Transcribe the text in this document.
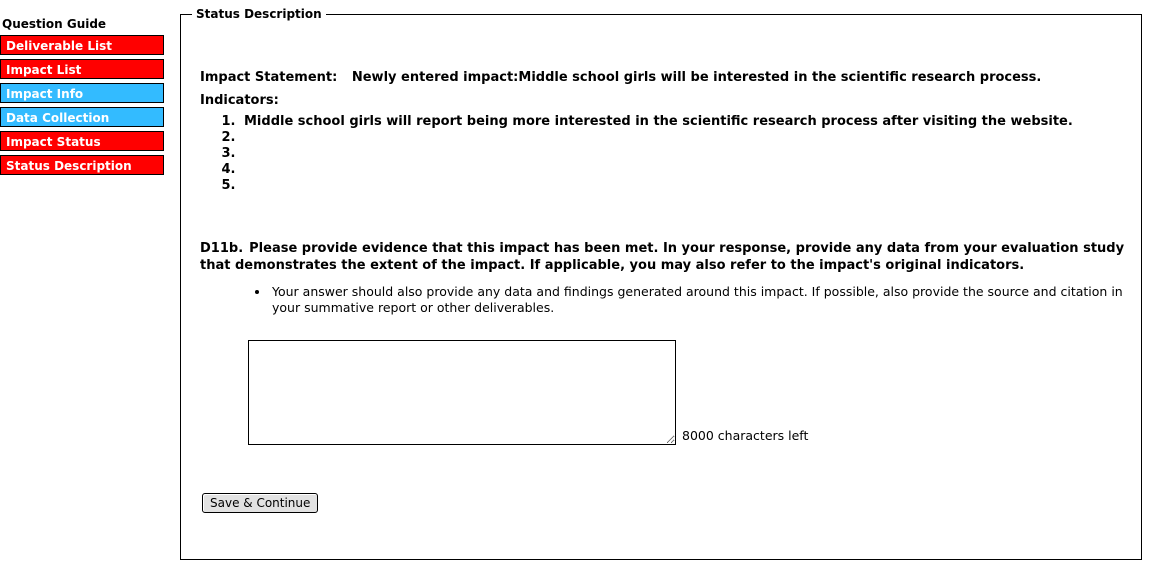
Question Guide
Deliverable List
Impact List
Impact Info
Data Collection
Impact Status
Status Description
Status Description
Impact Statement: Newly entered impact:Middle school girls will be interested in the scientific research process.
Indicators:
1. Middle school girls will report being more interested in the scientific research process after visiting the website.
2.
3.
4.
5.
D11b. Please provide evidence that this impact has been met. In your response, provide any data from your evaluation study that demonstrates the extent of the impact. If applicable, you may also refer to the impact's original indicators.
• Your answer should also provide any data and findings generated around this impact. If possible, also provide the source and citation in your summative report or other deliverables.
8000 characters left
Save & Continue
